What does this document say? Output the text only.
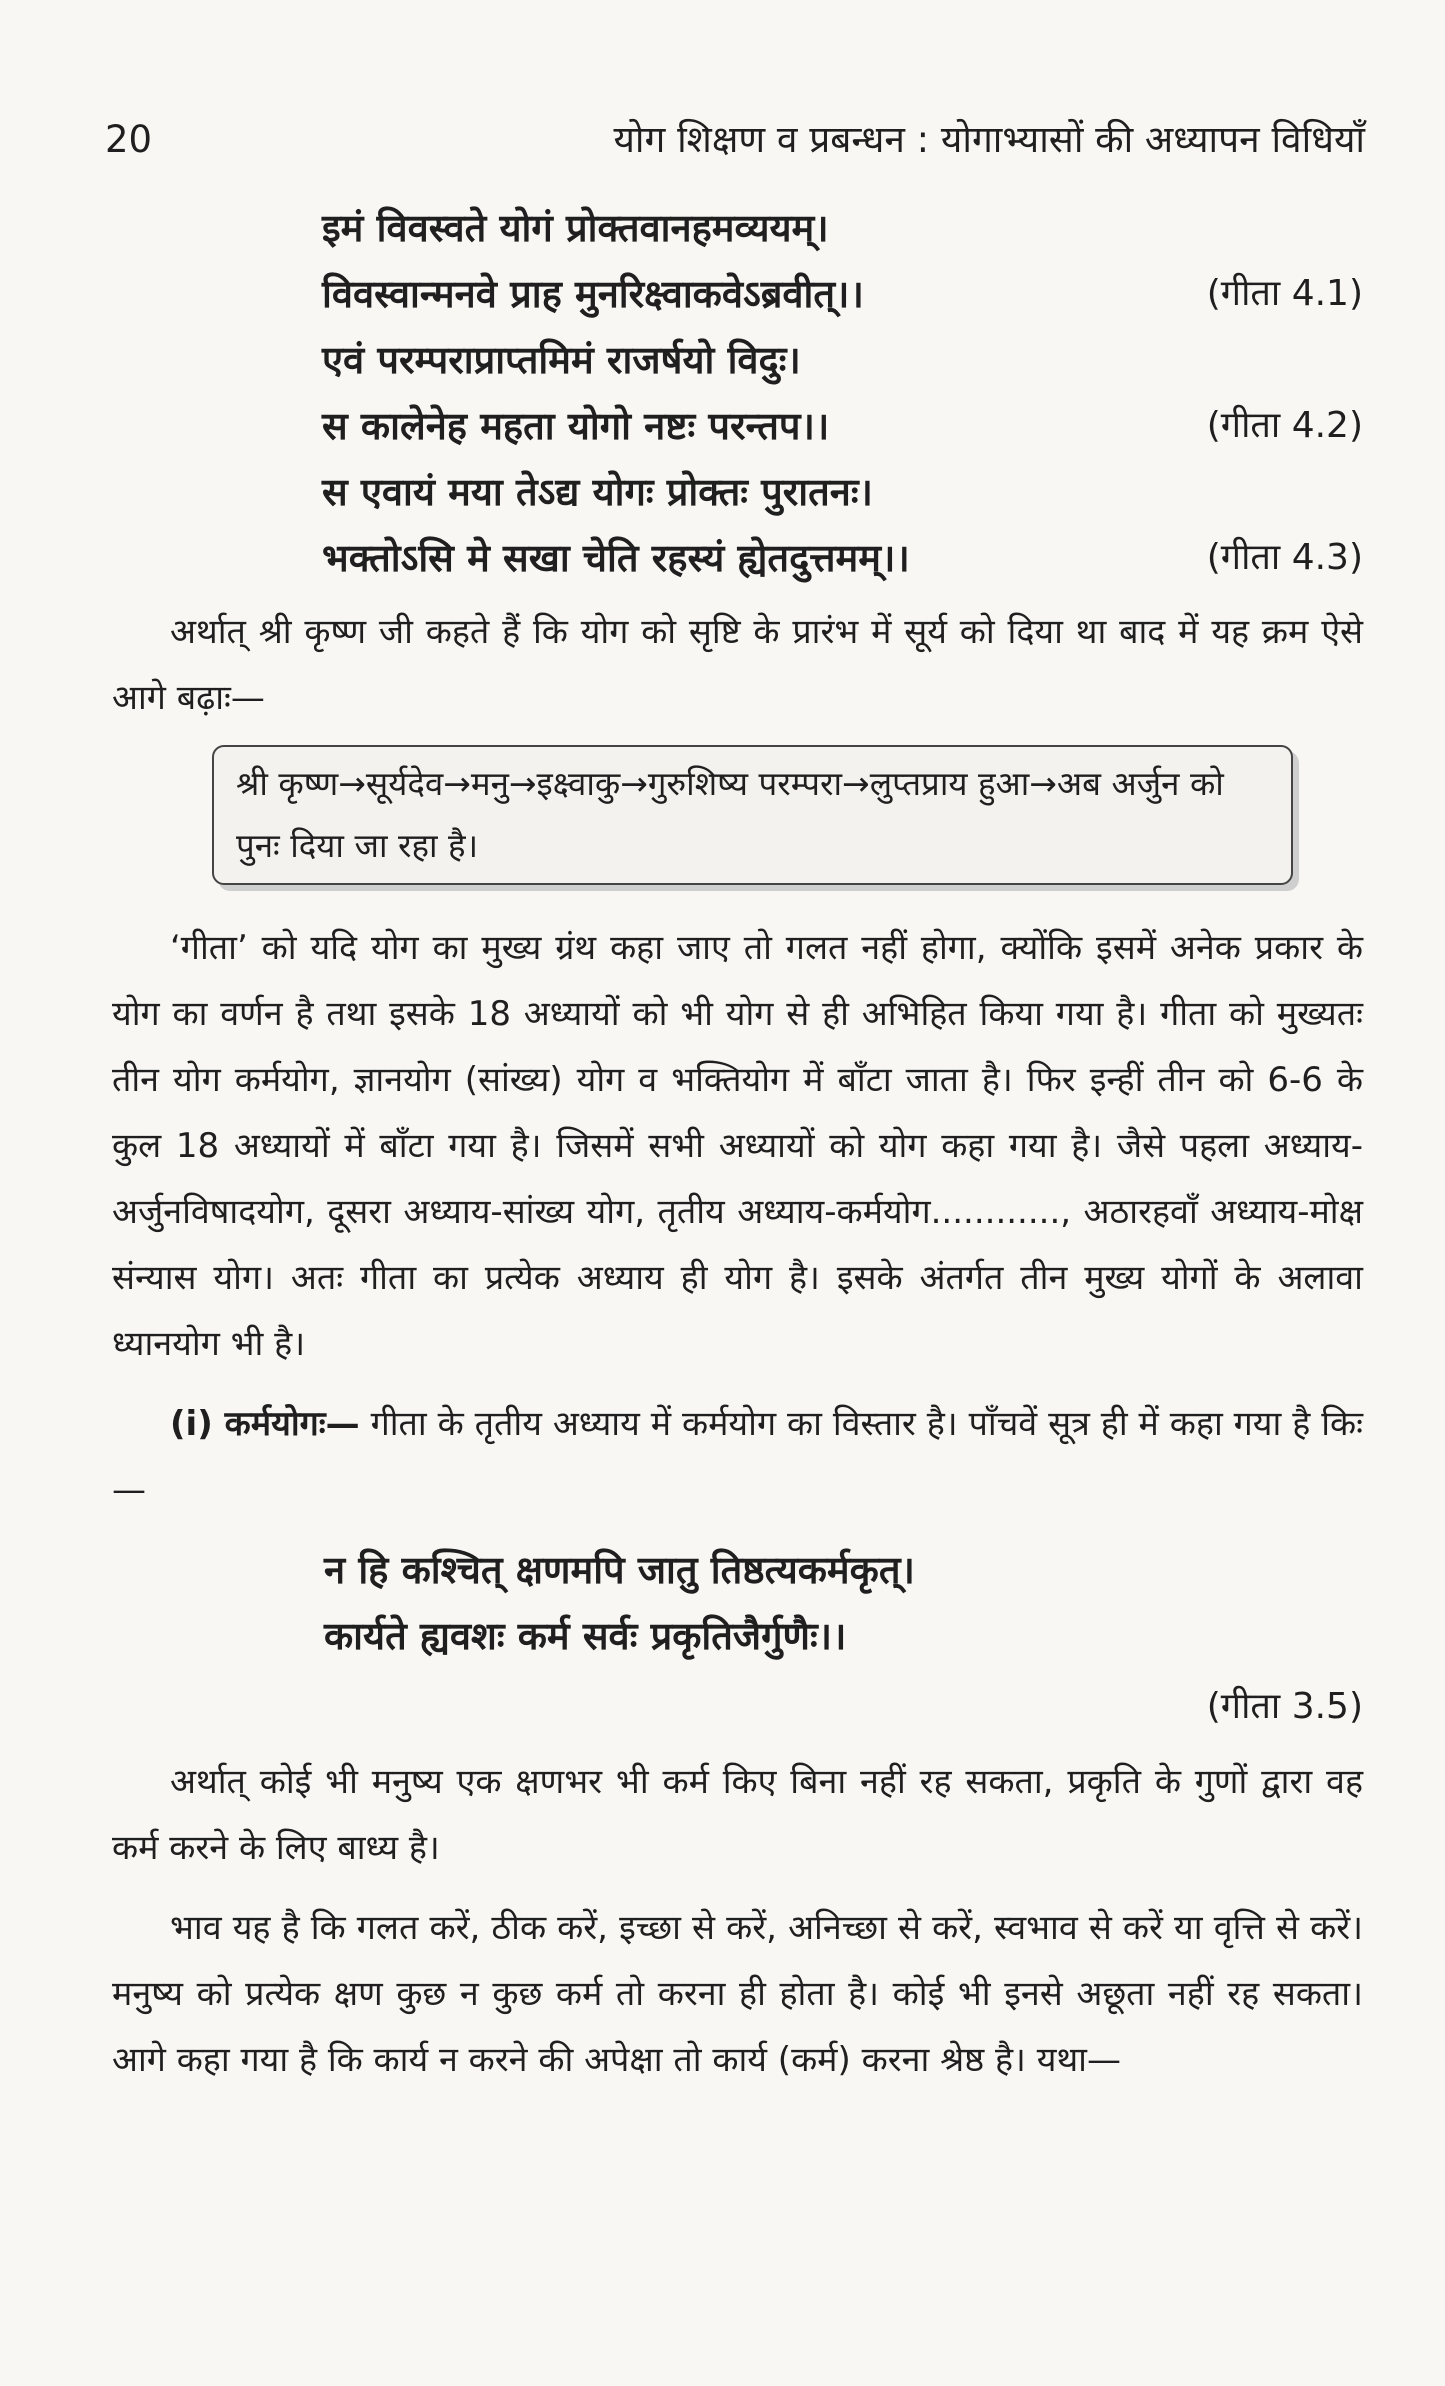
20	योग शिक्षण व प्रबन्धन : योगाभ्यासों की अध्यापन विधियाँ
इमं विवस्वते योगं प्रोक्तवानहमव्ययम्।
विवस्वान्मनवे प्राह मुनरिक्ष्वाकवेऽब्रवीत्।।	(गीता 4.1)
एवं परम्पराप्राप्तमिमं राजर्षयो विदुः।
स कालेनेह महता योगो नष्टः परन्तप।।	(गीता 4.2)
स एवायं मया तेऽद्य योगः प्रोक्तः पुरातनः।
भक्तोऽसि मे सखा चेति रहस्यं ह्येतदुत्तमम्।।	(गीता 4.3)

अर्थात् श्री कृष्ण जी कहते हैं कि योग को सृष्टि के प्रारंभ में सूर्य को दिया था बाद में यह क्रम ऐसे आगे बढ़ाः—

श्री कृष्ण→सूर्यदेव→मनु→इक्ष्वाकु→गुरुशिष्य परम्परा→लुप्तप्राय हुआ→अब अर्जुन को पुनः दिया जा रहा है।

‘गीता’ को यदि योग का मुख्य ग्रंथ कहा जाए तो गलत नहीं होगा, क्योंकि इसमें अनेक प्रकार के योग का वर्णन है तथा इसके 18 अध्यायों को भी योग से ही अभिहित किया गया है। गीता को मुख्यतः तीन योग कर्मयोग, ज्ञानयोग (सांख्य) योग व भक्तियोग में बाँटा जाता है। फिर इन्हीं तीन को 6-6 के कुल 18 अध्यायों में बाँटा गया है। जिसमें सभी अध्यायों को योग कहा गया है। जैसे पहला अध्याय-अर्जुनविषादयोग, दूसरा अध्याय-सांख्य योग, तृतीय अध्याय-कर्मयोग............, अठारहवाँ अध्याय-मोक्ष संन्यास योग। अतः गीता का प्रत्येक अध्याय ही योग है। इसके अंतर्गत तीन मुख्य योगों के अलावा ध्यानयोग भी है।

(i) कर्मयोगः— गीता के तृतीय अध्याय में कर्मयोग का विस्तार है। पाँचवें सूत्र ही में कहा गया है किः—

न हि कश्चित् क्षणमपि जातु तिष्ठत्यकर्मकृत्।
कार्यते ह्यवशः कर्म सर्वः प्रकृतिजैर्गुणैः।।
(गीता 3.5)

अर्थात् कोई भी मनुष्य एक क्षणभर भी कर्म किए बिना नहीं रह सकता, प्रकृति के गुणों द्वारा वह कर्म करने के लिए बाध्य है।

भाव यह है कि गलत करें, ठीक करें, इच्छा से करें, अनिच्छा से करें, स्वभाव से करें या वृत्ति से करें। मनुष्य को प्रत्येक क्षण कुछ न कुछ कर्म तो करना ही होता है। कोई भी इनसे अछूता नहीं रह सकता। आगे कहा गया है कि कार्य न करने की अपेक्षा तो कार्य (कर्म) करना श्रेष्ठ है। यथा—
